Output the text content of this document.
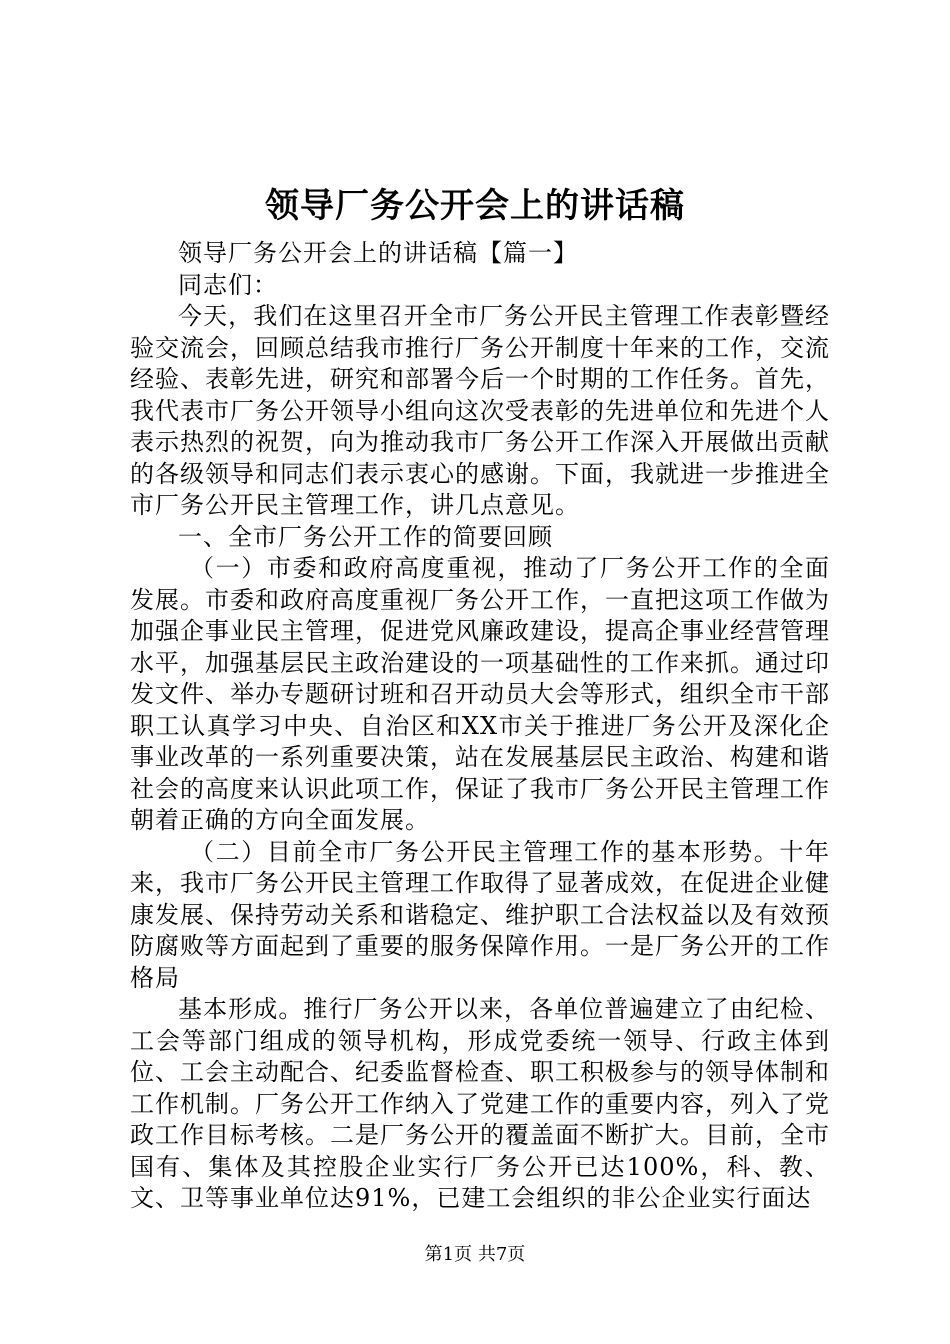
领导厂务公开会上的讲话稿

领导厂务公开会上的讲话稿【篇一】

同志们：

今天，我们在这里召开全市厂务公开民主管理工作表彰暨经验交流会，回顾总结我市推行厂务公开制度十年来的工作，交流经验、表彰先进，研究和部署今后一个时期的工作任务。首先，我代表市厂务公开领导小组向这次受表彰的先进单位和先进个人表示热烈的祝贺，向为推动我市厂务公开工作深入开展做出贡献的各级领导和同志们表示衷心的感谢。下面，我就进一步推进全市厂务公开民主管理工作，讲几点意见。

一、全市厂务公开工作的简要回顾

（一）市委和政府高度重视，推动了厂务公开工作的全面发展。市委和政府高度重视厂务公开工作，一直把这项工作做为加强企事业民主管理，促进党风廉政建设，提高企事业经营管理水平，加强基层民主政治建设的一项基础性的工作来抓。通过印发文件、举办专题研讨班和召开动员大会等形式，组织全市干部职工认真学习中央、自治区和XX市关于推进厂务公开及深化企事业改革的一系列重要决策，站在发展基层民主政治、构建和谐社会的高度来认识此项工作，保证了我市厂务公开民主管理工作朝着正确的方向全面发展。

（二）目前全市厂务公开民主管理工作的基本形势。十年来，我市厂务公开民主管理工作取得了显著成效，在促进企业健康发展、保持劳动关系和谐稳定、维护职工合法权益以及有效预防腐败等方面起到了重要的服务保障作用。一是厂务公开的工作格局

基本形成。推行厂务公开以来，各单位普遍建立了由纪检、工会等部门组成的领导机构，形成党委统一领导、行政主体到位、工会主动配合、纪委监督检查、职工积极参与的领导体制和工作机制。厂务公开工作纳入了党建工作的重要内容，列入了党政工作目标考核。二是厂务公开的覆盖面不断扩大。目前，全市国有、集体及其控股企业实行厂务公开已达100%，科、教、文、卫等事业单位达91%，已建工会组织的非公企业实行面达

第1页 共7页
